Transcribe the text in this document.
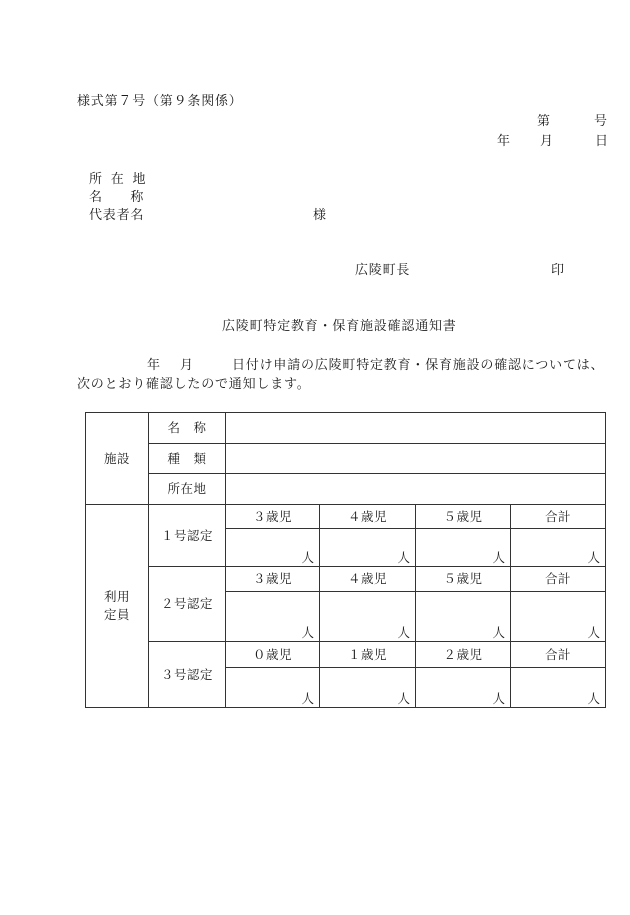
様式第７号（第９条関係）
第	号
年 月	日
所 在 地
名　　称
代表者名	様
広陵町長	印
広陵町特定教育・保育施設確認通知書
年 月	日付け申請の広陵町特定教育・保育施設の確認については、
次のとおり確認したので通知します。
施設	名　称				
	種　類				
	所在地				

利用
定員	１号認定	３歳児	４歳児	５歳児	合計
		人	人	人	人
	２号認定	３歳児	４歳児	５歳児	合計
		人	人	人	人
	３号認定	０歳児	１歳児	２歳児	合計
		人	人	人	人
